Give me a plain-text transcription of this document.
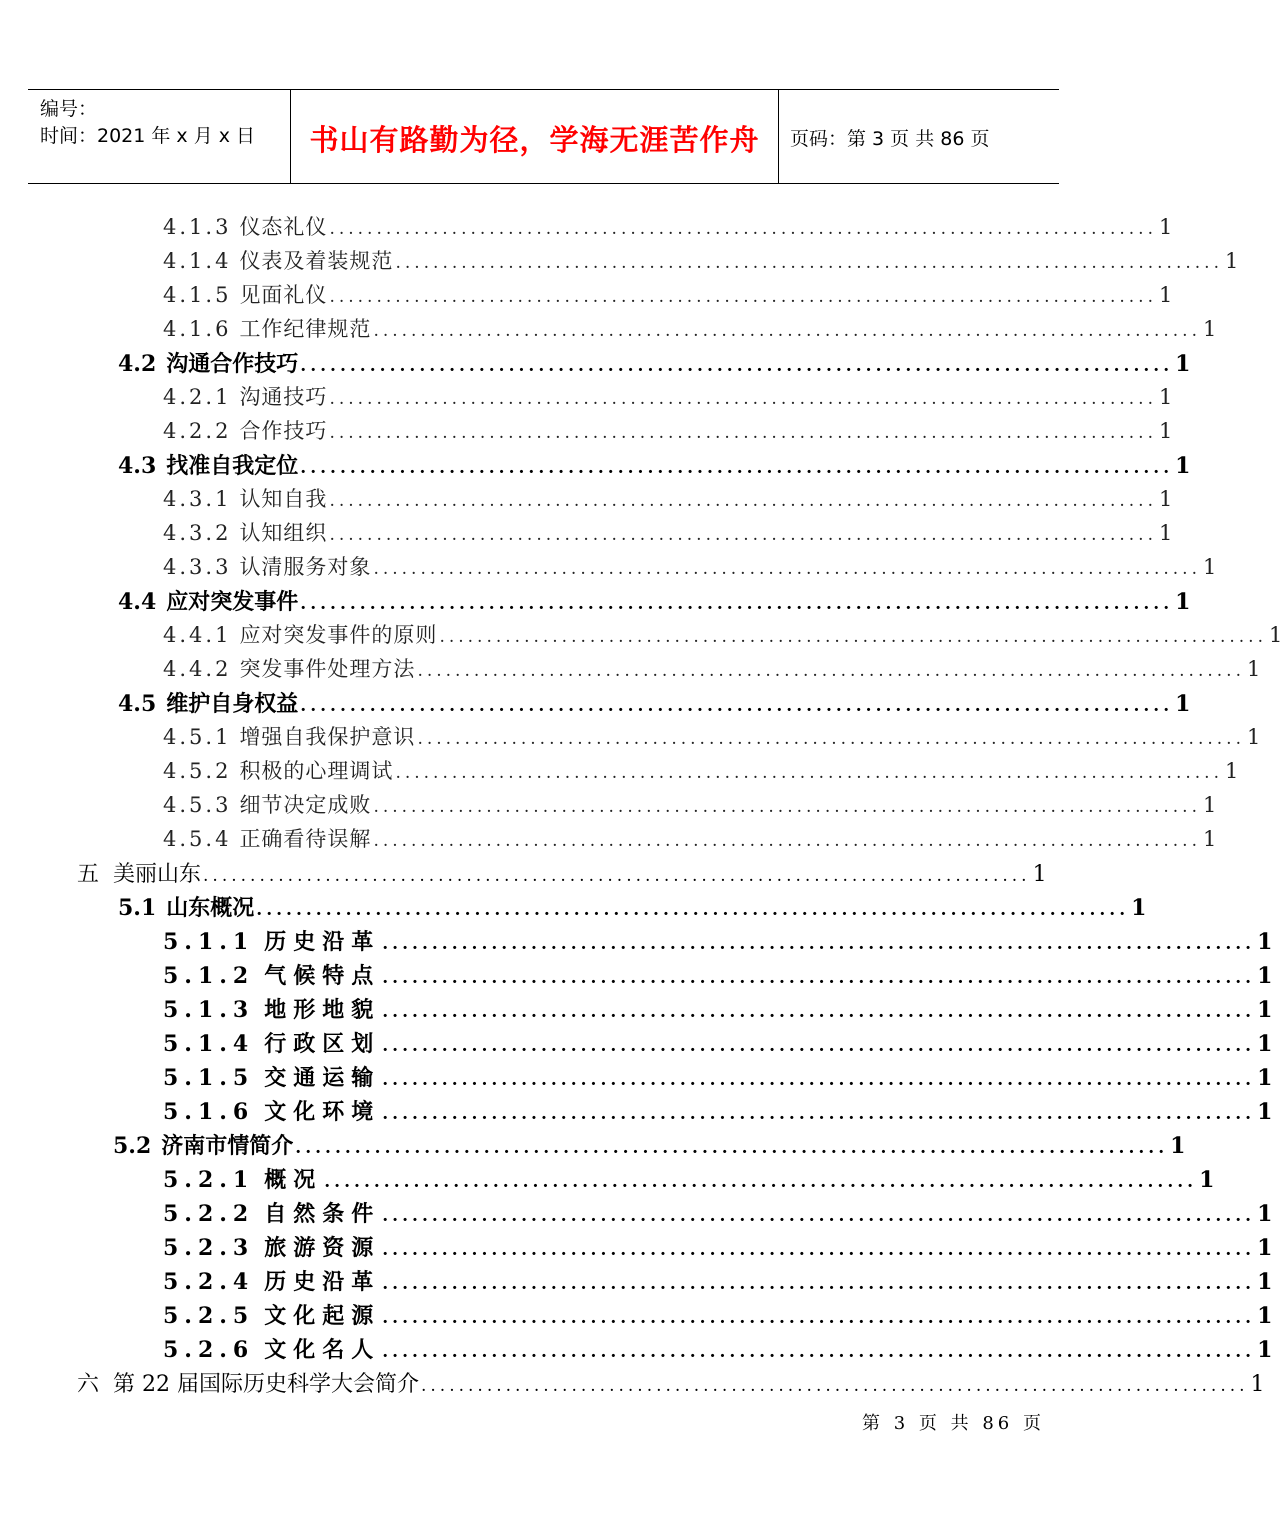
编号：
时间：2021 年 x 月 x 日	书山有路勤为径，学海无涯苦作舟	页码：第 3 页 共 86 页
4.1.3 仪态礼仪 ........................................................................................ 1
4.1.4 仪表及着装规范 ........................................................................................ 1
4.1.5 见面礼仪 ........................................................................................ 1
4.1.6 工作纪律规范 ........................................................................................ 1
4.2 沟通合作技巧 ........................................................................................ 1
4.2.1 沟通技巧 ........................................................................................ 1
4.2.2 合作技巧 ........................................................................................ 1
4.3 找准自我定位 ........................................................................................ 1
4.3.1 认知自我 ........................................................................................ 1
4.3.2 认知组织 ........................................................................................ 1
4.3.3 认清服务对象 ........................................................................................ 1
4.4 应对突发事件 ........................................................................................ 1
4.4.1 应对突发事件的原则 ........................................................................................ 1
4.4.2 突发事件处理方法 ........................................................................................ 1
4.5 维护自身权益 ........................................................................................ 1
4.5.1 增强自我保护意识 ........................................................................................ 1
4.5.2 积极的心理调试 ........................................................................................ 1
4.5.3 细节决定成败 ........................................................................................ 1
4.5.4 正确看待误解 ........................................................................................ 1
五 美丽山东 ........................................................................................ 1
5.1 山东概况 ........................................................................................ 1
5.1.1 历史沿革 ........................................................................................ 1
5.1.2 气候特点 ........................................................................................ 1
5.1.3 地形地貌 ........................................................................................ 1
5.1.4 行政区划 ........................................................................................ 1
5.1.5 交通运输 ........................................................................................ 1
5.1.6 文化环境 ........................................................................................ 1
5.2 济南市情简介 ........................................................................................ 1
5.2.1 概况 ........................................................................................ 1
5.2.2 自然条件 ........................................................................................ 1
5.2.3 旅游资源 ........................................................................................ 1
5.2.4 历史沿革 ........................................................................................ 1
5.2.5 文化起源 ........................................................................................ 1
5.2.6 文化名人 ........................................................................................ 1
六 第 22 届国际历史科学大会简介 ........................................................................................ 1
第 3 页 共 86 页
